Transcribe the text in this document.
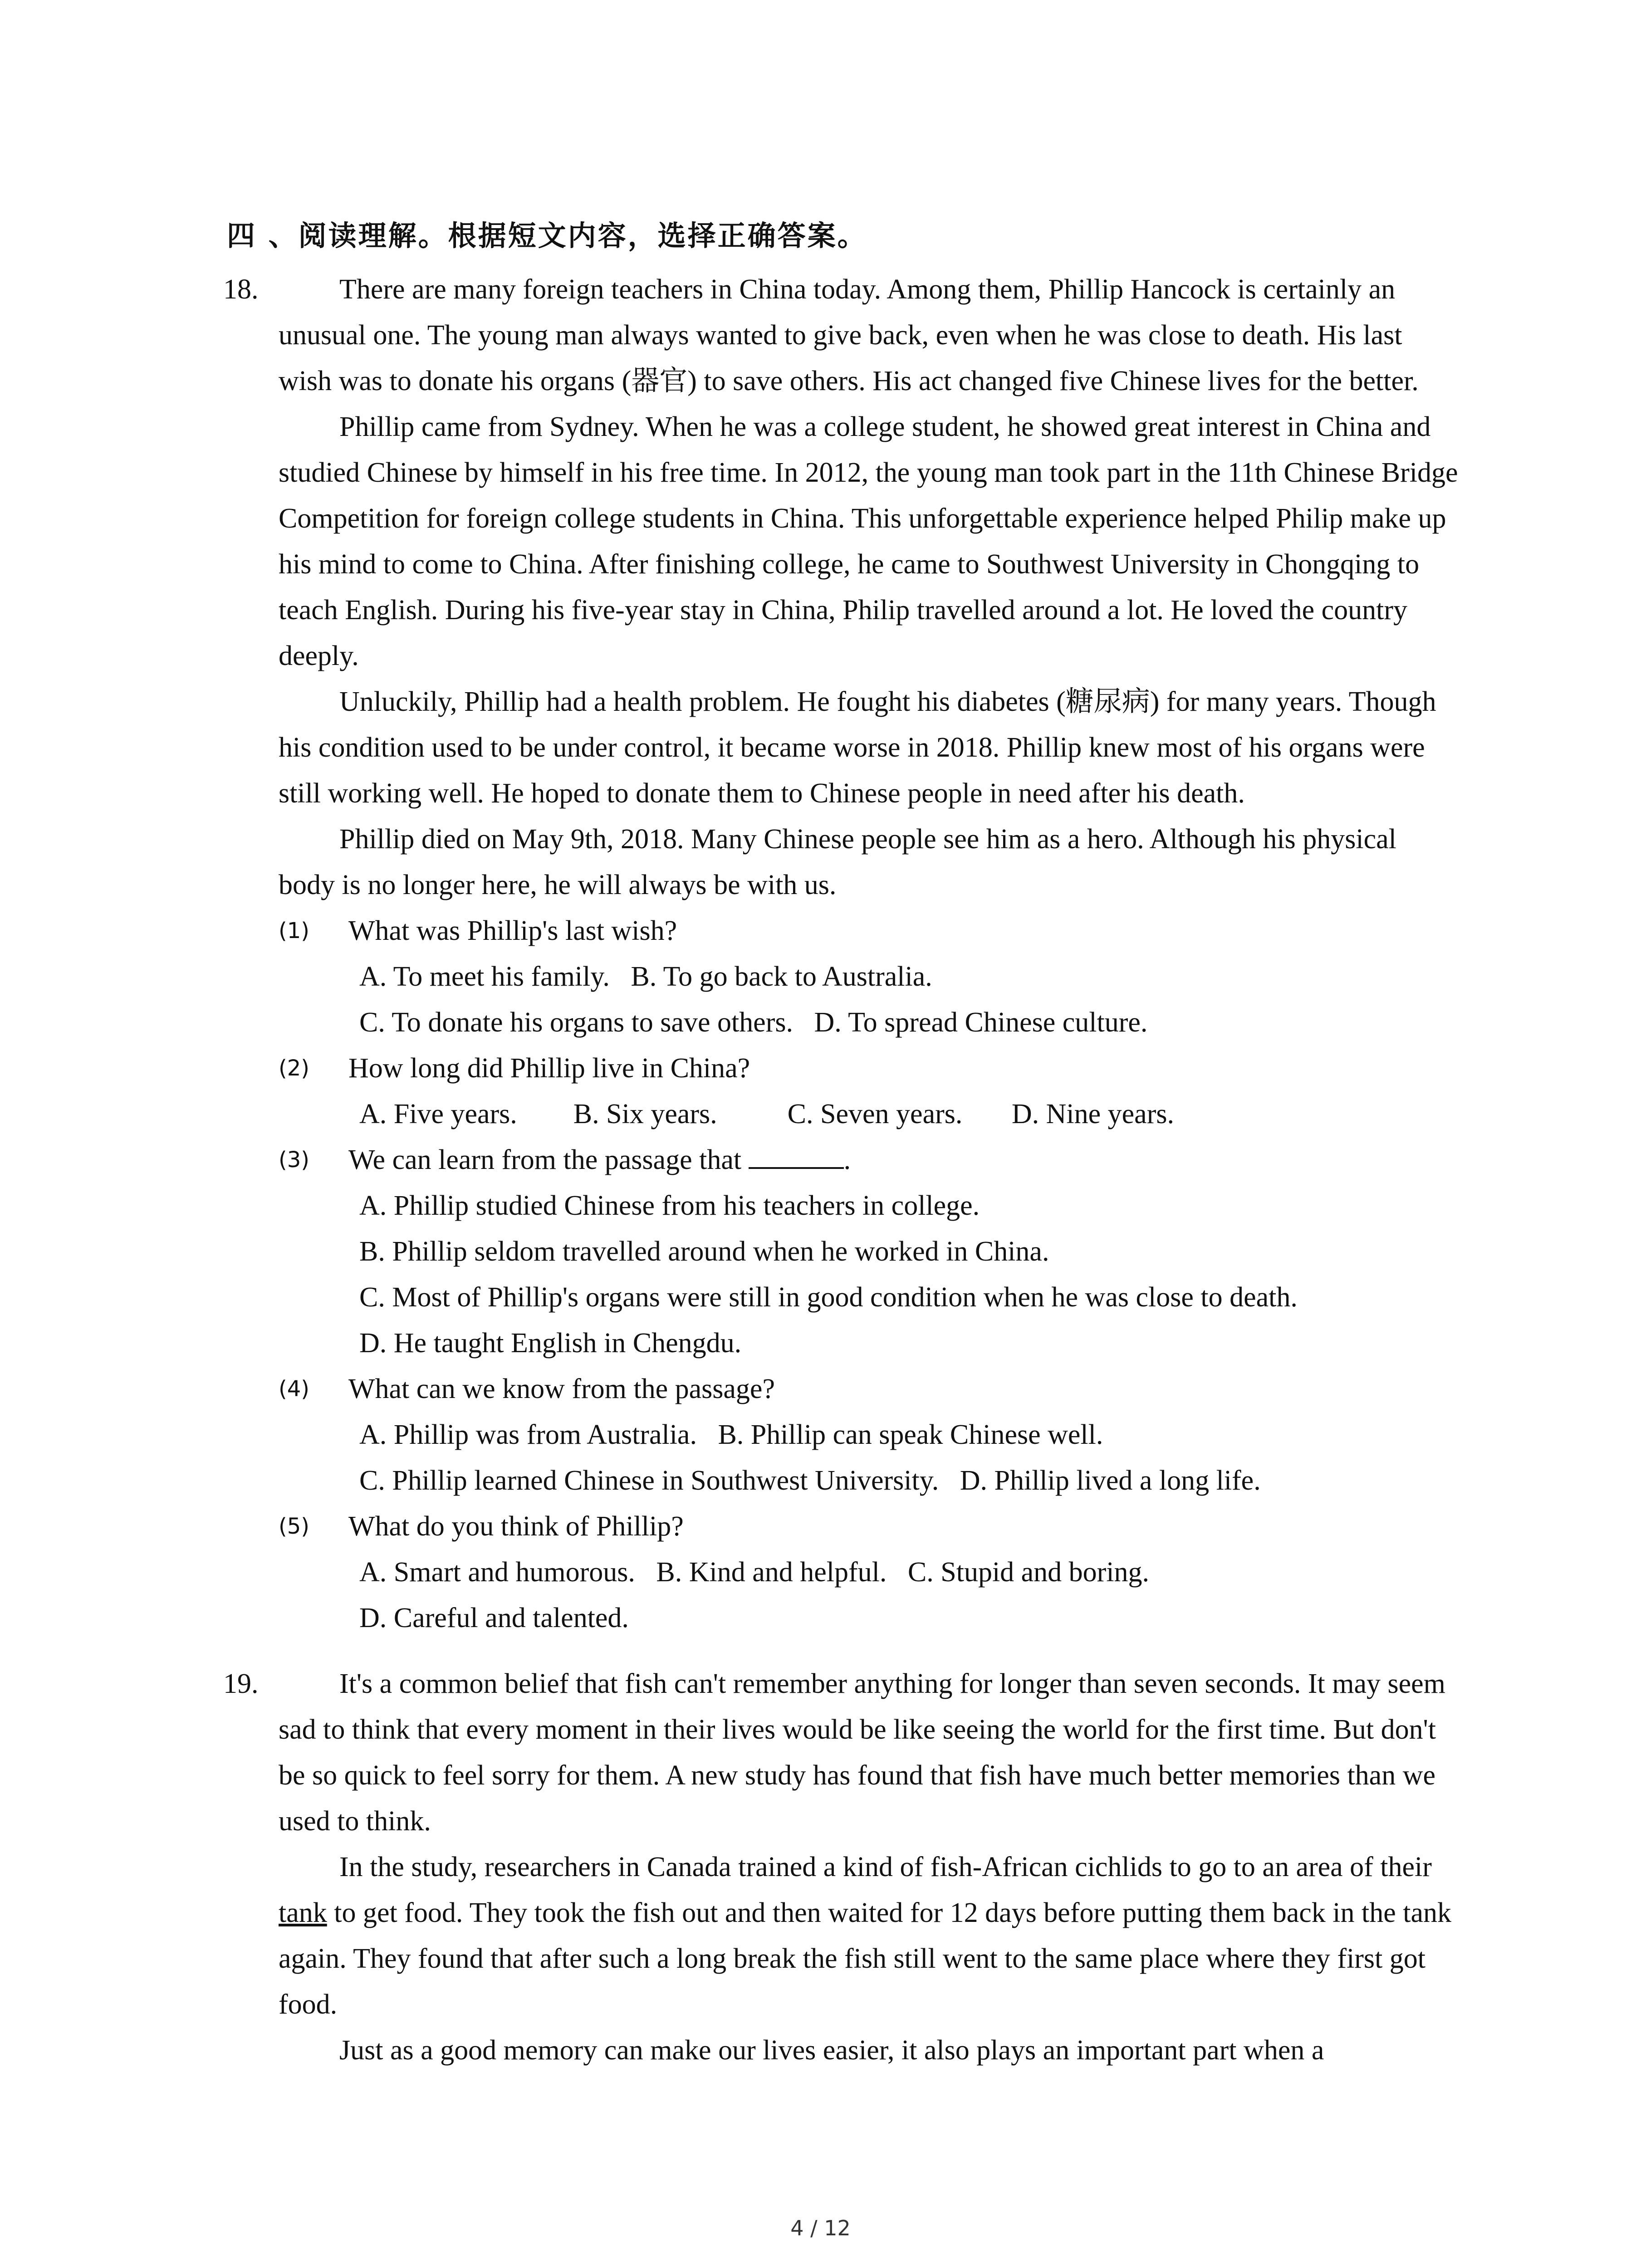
四 、阅读理解。根据短文内容，选择正确答案。
18.	There are many foreign teachers in China today. Among them, Phillip Hancock is certainly an unusual one. The young man always wanted to give back, even when he was close to death. His last wish was to donate his organs (器官) to save others. His act changed five Chinese lives for the better.

Phillip came from Sydney. When he was a college student, he showed great interest in China and studied Chinese by himself in his free time. In 2012, the young man took part in the 11th Chinese Bridge Competition for foreign college students in China. This unforgettable experience helped Philip make up his mind to come to China. After finishing college, he came to Southwest University in Chongqing to teach English. During his five-year stay in China, Philip travelled around a lot. He loved the country deeply.

Unluckily, Phillip had a health problem. He fought his diabetes (糖尿病) for many years. Though his condition used to be under control, it became worse in 2018. Phillip knew most of his organs were still working well. He hoped to donate them to Chinese people in need after his death.

Phillip died on May 9th, 2018. Many Chinese people see him as a hero. Although his physical body is no longer here, he will always be with us.

(1) What was Phillip's last wish?
A. To meet his family.   B. To go back to Australia.
C. To donate his organs to save others.   D. To spread Chinese culture.
(2) How long did Phillip live in China?
A. Five years.        B. Six years.          C. Seven years.       D. Nine years.
(3) We can learn from the passage that	.
A. Phillip studied Chinese from his teachers in college.
B. Phillip seldom travelled around when he worked in China.
C. Most of Phillip's organs were still in good condition when he was close to death.
D. He taught English in Chengdu.
(4) What can we know from the passage?
A. Phillip was from Australia.   B. Phillip can speak Chinese well.
C. Phillip learned Chinese in Southwest University.   D. Phillip lived a long life.
(5) What do you think of Phillip?
A. Smart and humorous.   B. Kind and helpful.   C. Stupid and boring.
D. Careful and talented.
19.	It's a common belief that fish can't remember anything for longer than seven seconds. It may seem sad to think that every moment in their lives would be like seeing the world for the first time. But don't be so quick to feel sorry for them. A new study has found that fish have much better memories than we used to think.

In the study, researchers in Canada trained a kind of fish-African cichlids to go to an area of their tank to get food. They took the fish out and then waited for 12 days before putting them back in the tank again. They found that after such a long break the fish still went to the same place where they first got food.

Just as a good memory can make our lives easier, it also plays an important part when a

4 / 12
